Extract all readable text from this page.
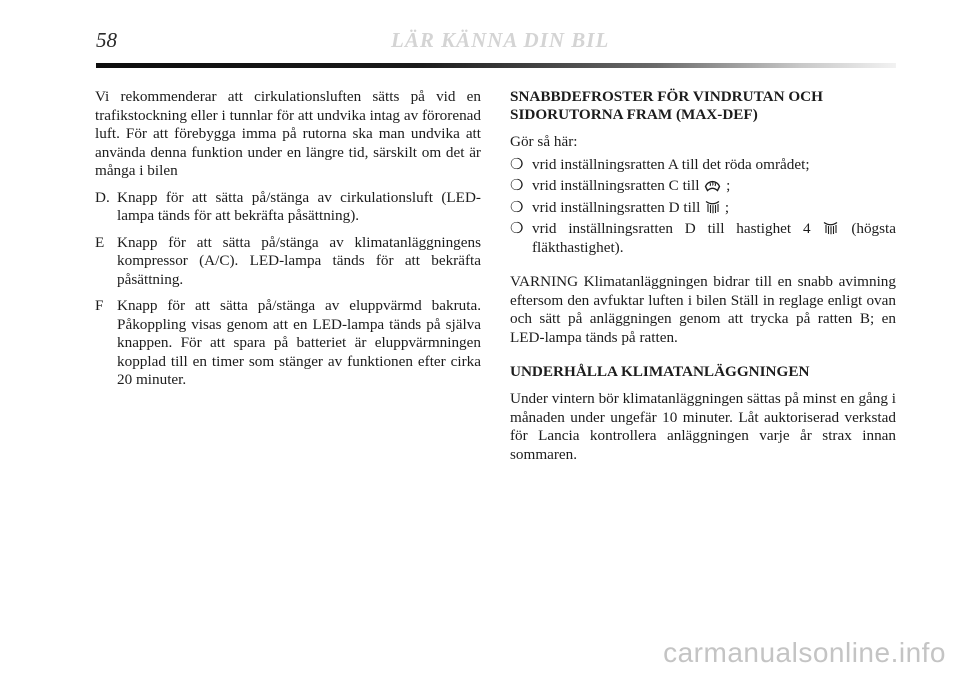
58	LÄR KÄNNA DIN BIL

Vi rekommenderar att cirkulationsluften sätts på vid en trafikstockning eller i tunnlar för att undvika intag av förorenad luft. För att förebygga imma på rutorna ska man undvika att använda denna funktion under en längre tid, särskilt om det är många i bilen

D. Knapp för att sätta på/stänga av cirkulationsluft (LED-lampa tänds för att bekräfta påsättning).
E Knapp för att sätta på/stänga av klimatanläggningens kompressor (A/C). LED-lampa tänds för att bekräfta påsättning.
F Knapp för att sätta på/stänga av eluppvärmd bakruta. Påkoppling visas genom att en LED-lampa tänds på själva knappen. För att spara på batteriet är eluppvärmningen kopplad till en timer som stänger av funktionen efter cirka 20 minuter.
SNABBDEFROSTER FÖR VINDRUTAN OCH SIDORUTORNA FRAM (MAX-DEF)

Gör så här:

❍ vrid inställningsratten A till det röda området;
❍ vrid inställningsratten C till ;
❍ vrid inställningsratten D till ;
❍ vrid inställningsratten D till hastighet 4	(högsta fläkthastighet).

VARNING Klimatanläggningen bidrar till en snabb avimning eftersom den avfuktar luften i bilen Ställ in reglage enligt ovan och sätt på anläggningen genom att trycka på ratten B; en LED-lampa tänds på ratten.

UNDERHÅLLA KLIMATANLÄGGNINGEN

Under vintern bör klimatanläggningen sättas på minst en gång i månaden under ungefär 10 minuter. Låt auktoriserad verkstad för Lancia kontrollera anläggningen varje år strax innan sommaren.

carmanualsonline.info
